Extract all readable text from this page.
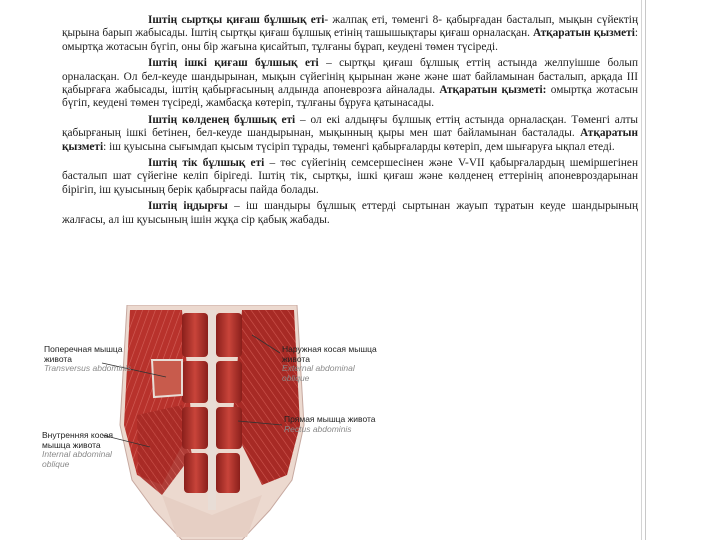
Іштің сыртқы қиғаш бұлшық еті- жалпақ еті, төменгі 8- қабырғадан басталып, мықын сүйектің қырына барып жабысады. Іштің сыртқы қиғаш бұлшық етінің ташышықтары қиғаш орналасқан. Атқаратын қызметі: омыртқа жотасын бүгіп, оны бір жағына қисайтып, тұлғаны бұрап, кеудені төмен түсіреді.

Іштің ішкі қиғаш бұлшық еті – сыртқы қиғаш бұлшық еттің астында желпуішше болып орналасқан. Ол бел-кеуде шандырынан, мықын сүйегінің қырынан және жәнe шат байламынан басталып, арқада ІІІ қабырғаға жабысады, іштің қабырғасының алдында апоневрозға айналады. Атқаратын қызметі: омыртқа жотасын бүгіп, кеудені төмен түсіреді, жамбасқа көтеріп, тұлғаны бұруға қатынасады.

Іштің көлденең бұлшық еті – ол екі алдыңғы бұлшық еттің астында орналасқан. Төменгі алты қабырғаның ішкі бетінен, бел-кеуде шандырынан, мықынның қыры мен шат байламынан басталады. Атқаратын қызметі: іш қуысына сығымдап қысым түсіріп тұрады, төменгі қабырғаларды көтеріп, дем шығаруға ықпал етеді.

Іштің тік бұлшық еті – төс сүйегінің семсершесінен және V-VII қабырғалардың шеміршегінен басталып шат сүйегіне келіп бірігеді. Іштің тік, сыртқы, ішкі қиғаш және көлденең еттерінің апоневроздарынан бірігіп, іш қуысының берік қабырғасы пайда болады.

Іштің іңдырғы – іш шандыры бұлшық еттерді сыртынан жауып тұратын кеуде шандырының жалғасы, ал іш қуысының ішін жұқа сір қабық жабады.

Поперечная мышца живота
Transversus abdominis
Внутренняя косая мышца живота
Internal abdominal oblique
Наружная косая мышца живота
External abdominal oblique
Прямая мышца живота
Rectus abdominis
